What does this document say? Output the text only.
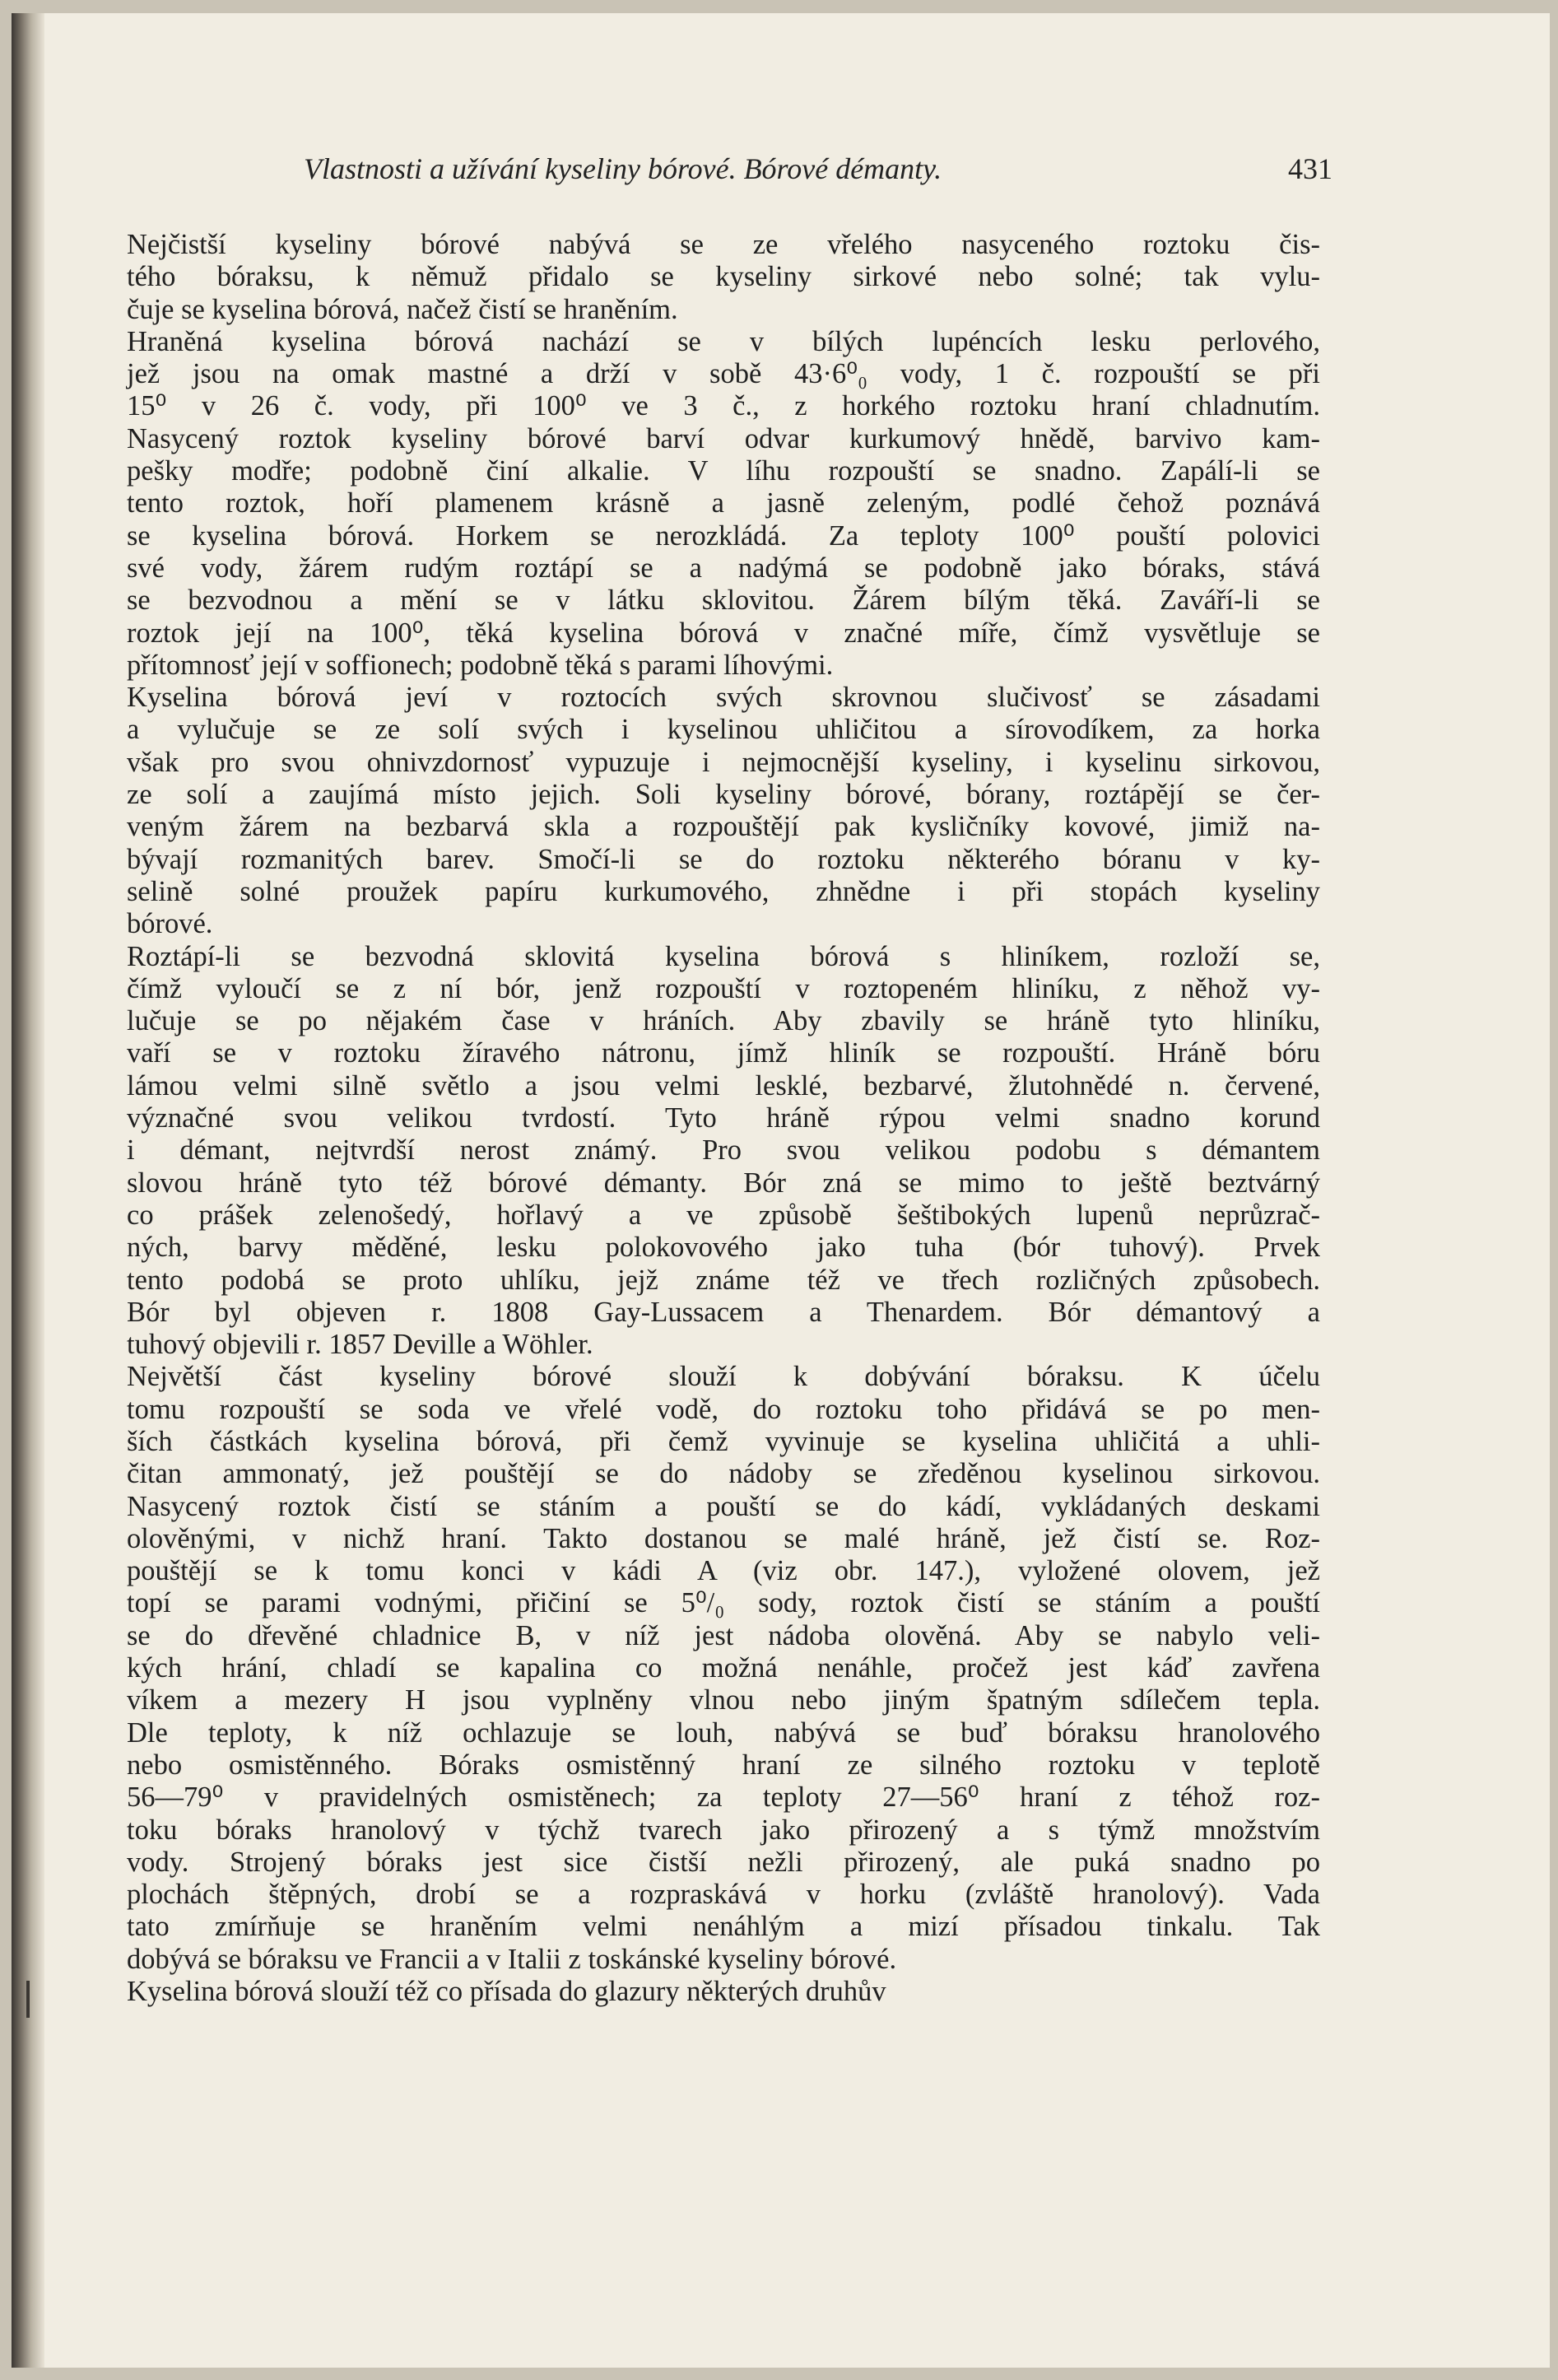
Vlastnosti a užívání kyseliny bórové. Bórové démanty.	431
Nejčistší kyseliny bórové nabývá se ze vřelého nasyceného roztoku čis-
tého bóraksu, k němuž přidalo se kyseliny sirkové nebo solné; tak vylu-
čuje se kyselina bórová, načež čistí se hraněním.
Hraněná kyselina bórová nachází se v bílých lupéncích lesku perlového,
jež jsou na omak mastné a drží v sobě 43·6⁰₀ vody, 1 č. rozpouští se při
15⁰ v 26 č. vody, při 100⁰ ve 3 č., z horkého roztoku hraní chladnutím.
Nasycený roztok kyseliny bórové barví odvar kurkumový hnědě, barvivo kam-
pešky modře; podobně činí alkalie. V líhu rozpouští se snadno. Zapálí-li se
tento roztok, hoří plamenem krásně a jasně zeleným, podlé čehož poznává
se kyselina bórová. Horkem se nerozkládá. Za teploty 100⁰ pouští polovici
své vody, žárem rudým roztápí se a nadýmá se podobně jako bóraks, stává
se bezvodnou a mění se v látku sklovitou. Žárem bílým těká. Zaváří-li se
roztok její na 100⁰, těká kyselina bórová v značné míře, čímž vysvětluje se
přítomnosť její v soffionech; podobně těká s parami líhovými.
Kyselina bórová jeví v roztocích svých skrovnou slučivosť se zásadami
a vylučuje se ze solí svých i kyselinou uhličitou a sírovodíkem, za horka
však pro svou ohnivzdornosť vypuzuje i nejmocnější kyseliny, i kyselinu sirkovou,
ze solí a zaujímá místo jejich. Soli kyseliny bórové, bórany, roztápějí se čer-
veným žárem na bezbarvá skla a rozpouštějí pak kysličníky kovové, jimiž na-
bývají rozmanitých barev. Smočí-li se do roztoku některého bóranu v ky-
selině solné proužek papíru kurkumového, zhnědne i při stopách kyseliny
bórové.
Roztápí-li se bezvodná sklovitá kyselina bórová s hliníkem, rozloží se,
čímž vyloučí se z ní bór, jenž rozpouští v roztopeném hliníku, z něhož vy-
lučuje se po nějakém čase v hráních. Aby zbavily se hráně tyto hliníku,
vaří se v roztoku žíravého nátronu, jímž hliník se rozpouští. Hráně bóru
lámou velmi silně světlo a jsou velmi lesklé, bezbarvé, žlutohnědé n. červené,
význačné svou velikou tvrdostí. Tyto hráně rýpou velmi snadno korund
i démant, nejtvrdší nerost známý. Pro svou velikou podobu s démantem
slovou hráně tyto též bórové démanty. Bór zná se mimo to ještě beztvárný
co prášek zelenošedý, hořlavý a ve způsobě šeštibokých lupenů neprůzrač-
ných, barvy měděné, lesku polokovového jako tuha (bór tuhový). Prvek
tento podobá se proto uhlíku, jejž známe též ve třech rozličných způsobech.
Bór byl objeven r. 1808 Gay-Lussacem a Thenardem. Bór démantový a
tuhový objevili r. 1857 Deville a Wöhler.
Největší část kyseliny bórové slouží k dobývání bóraksu. K účelu
tomu rozpouští se soda ve vřelé vodě, do roztoku toho přidává se po men-
ších částkách kyselina bórová, při čemž vyvinuje se kyselina uhličitá a uhli-
čitan ammonatý, jež pouštějí se do nádoby se zředěnou kyselinou sirkovou.
Nasycený roztok čistí se stáním a pouští se do kádí, vykládaných deskami
olověnými, v nichž hraní. Takto dostanou se malé hráně, jež čistí se. Roz-
pouštějí se k tomu konci v kádi A (viz obr. 147.), vyložené olovem, jež
topí se parami vodnými, přičiní se 5⁰/₀ sody, roztok čistí se stáním a pouští
se do dřevěné chladnice B, v níž jest nádoba olověná. Aby se nabylo veli-
kých hrání, chladí se kapalina co možná nenáhle, pročež jest káď zavřena
víkem a mezery H jsou vyplněny vlnou nebo jiným špatným sdílečem tepla.
Dle teploty, k níž ochlazuje se louh, nabývá se buď bóraksu hranolového
nebo osmistěnného. Bóraks osmistěnný hraní ze silného roztoku v teplotě
56—79⁰ v pravidelných osmistěnech; za teploty 27—56⁰ hraní z téhož roz-
toku bóraks hranolový v týchž tvarech jako přirozený a s týmž množstvím
vody. Strojený bóraks jest sice čistší nežli přirozený, ale puká snadno po
plochách štěpných, drobí se a rozpraskává v horku (zvláště hranolový). Vada
tato zmírňuje se hraněním velmi nenáhlým a mizí přísadou tinkalu. Tak
dobývá se bóraksu ve Francii a v Italii z toskánské kyseliny bórové.
Kyselina bórová slouží též co přísada do glazury některých druhův
